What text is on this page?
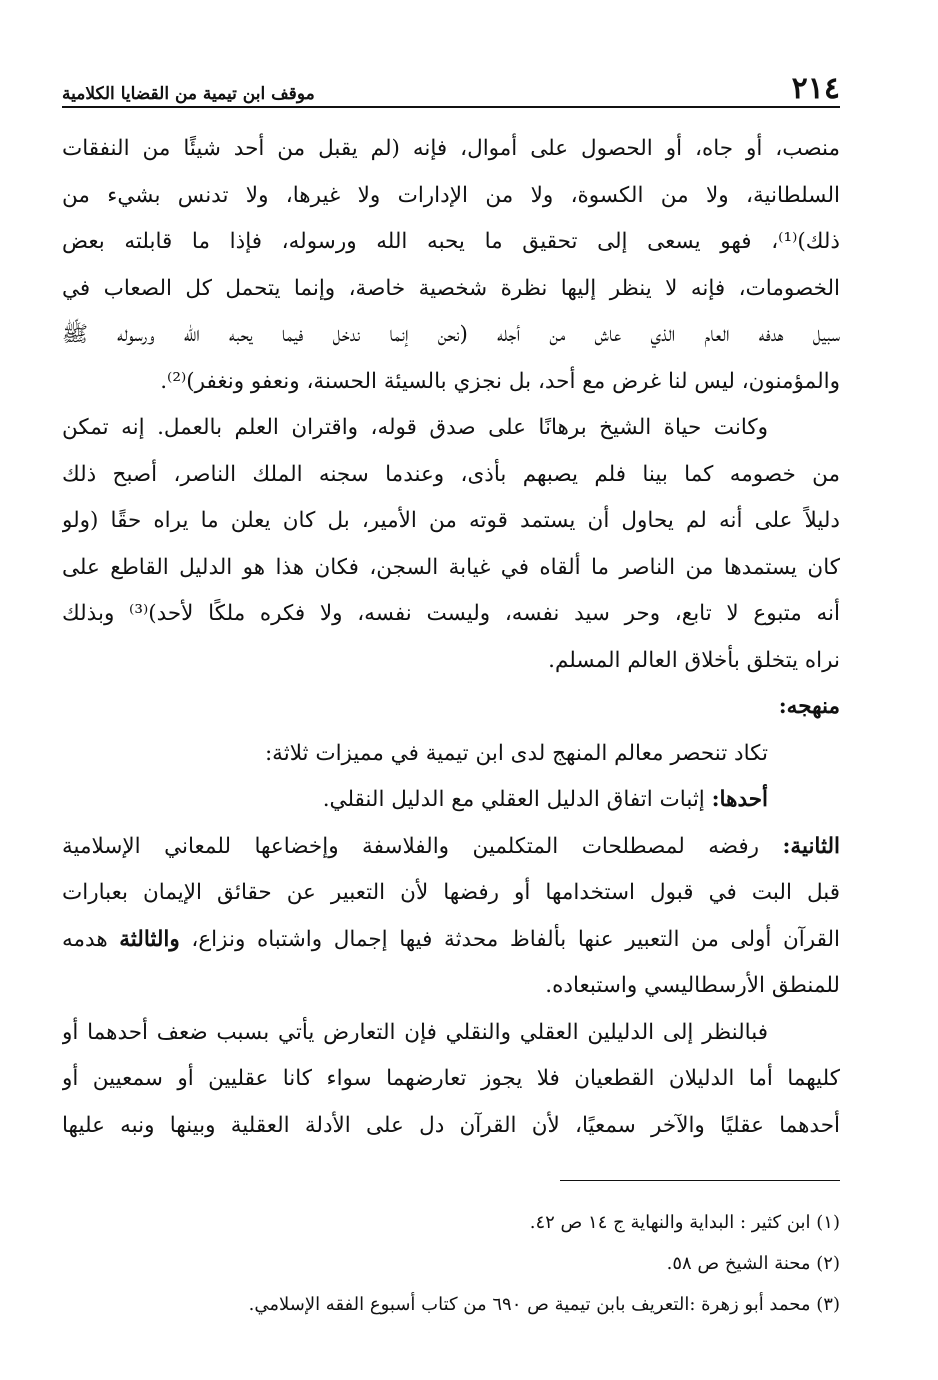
٢١٤
موقف ابن تيمية من القضايا الكلامية
منصب، أو جاه، أو الحصول على أموال، فإنه (لم يقبل من أحد شيئًا من النفقات
السلطانية، ولا من الكسوة، ولا من الإدارات ولا غيرها، ولا تدنس بشيء من
ذلك)⁽¹⁾، فهو يسعى إلى تحقيق ما يحبه الله ورسوله، فإذا ما قابلته بعض
الخصومات، فإنه لا ينظر إليها نظرة شخصية خاصة، وإنما يتحمل كل الصعاب في
سبيل هدفه العام الذي عاش من أجله (نحن إنما ندخل فيما يحبه الله ورسوله ﷺ
والمؤمنون، ليس لنا غرض مع أحد، بل نجزي بالسيئة الحسنة، ونعفو ونغفر)⁽²⁾.
وكانت حياة الشيخ برهانًا على صدق قوله، واقتران العلم بالعمل. إنه تمكن
من خصومه كما بينا فلم يصبهم بأذى، وعندما سجنه الملك الناصر، أصبح ذلك
دليلاً على أنه لم يحاول أن يستمد قوته من الأمير، بل كان يعلن ما يراه حقًا (ولو
كان يستمدها من الناصر ما ألقاه في غيابة السجن، فكان هذا هو الدليل القاطع على
أنه متبوع لا تابع، وحر سيد نفسه، وليست نفسه، ولا فكره ملكًا لأحد)⁽³⁾ وبذلك
نراه يتخلق بأخلاق العالم المسلم.
منهجه:
تكاد تنحصر معالم المنهج لدى ابن تيمية في مميزات ثلاثة:
أحدها: إثبات اتفاق الدليل العقلي مع الدليل النقلي.
الثانية: رفضه لمصطلحات المتكلمين والفلاسفة وإخضاعها للمعاني الإسلامية
قبل البت في قبول استخدامها أو رفضها لأن التعبير عن حقائق الإيمان بعبارات
القرآن أولى من التعبير عنها بألفاظ محدثة فيها إجمال واشتباه ونزاع، والثالثة هدمه
للمنطق الأرسطاليسي واستبعاده.
فبالنظر إلى الدليلين العقلي والنقلي فإن التعارض يأتي بسبب ضعف أحدهما أو
كليهما أما الدليلان القطعيان فلا يجوز تعارضهما سواء كانا عقليين أو سمعيين أو
أحدهما عقليًا والآخر سمعيًا، لأن القرآن دل على الأدلة العقلية وبينها ونبه عليها
(١) ابن كثير : البداية والنهاية ج ١٤ ص ٤٢.
(٢) محنة الشيخ ص ٥٨.
(٣) محمد أبو زهرة :التعريف بابن تيمية ص ٦٩٠ من كتاب أسبوع الفقه الإسلامي.
